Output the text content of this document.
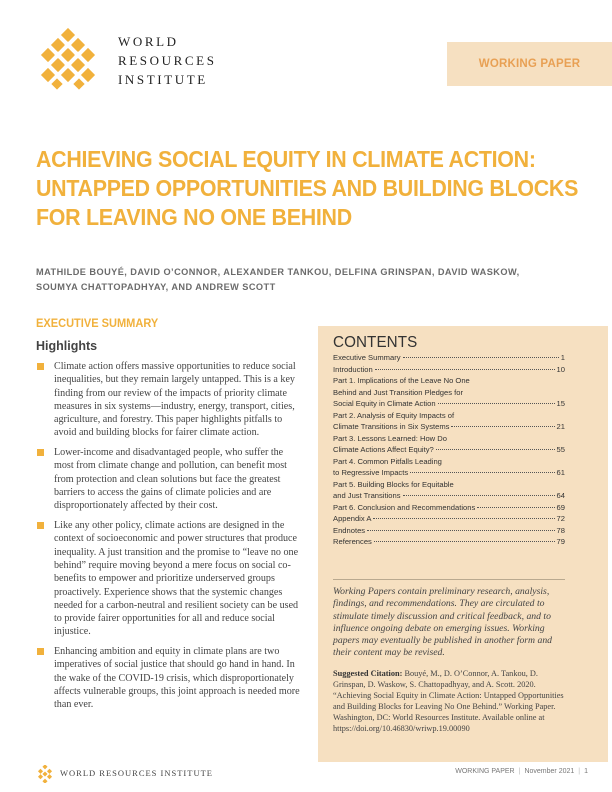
WORLD
RESOURCES
INSTITUTE
WORKING PAPER
ACHIEVING SOCIAL EQUITY IN CLIMATE ACTION:
UNTAPPED OPPORTUNITIES AND BUILDING BLOCKS
FOR LEAVING NO ONE BEHIND
MATHILDE BOUYÉ, DAVID O’CONNOR, ALEXANDER TANKOU, DELFINA GRINSPAN, DAVID WASKOW,
SOUMYA CHATTOPADHYAY, AND ANDREW SCOTT
EXECUTIVE SUMMARY
Highlights
Climate action offers massive opportunities to reduce social inequalities, but they remain largely untapped. This is a key finding from our review of the impacts of priority climate measures in six systems—industry, energy, transport, cities, agriculture, and forestry. This paper highlights pitfalls to avoid and building blocks for fairer climate action.
Lower-income and disadvantaged people, who suffer the most from climate change and pollution, can benefit most from protection and clean solutions but face the greatest barriers to access the gains of climate policies and are disproportionately affected by their cost.
Like any other policy, climate actions are designed in the context of socioeconomic and power structures that produce inequality. A just transition and the promise to “leave no one behind” require moving beyond a mere focus on social co-benefits to empower and prioritize underserved groups proactively. Experience shows that the systemic changes needed for a carbon-neutral and resilient society can be used to provide fairer opportunities for all and reduce social injustice.
Enhancing ambition and equity in climate plans are two imperatives of social justice that should go hand in hand. In the wake of the COVID-19 crisis, which disproportionately affects vulnerable groups, this joint approach is needed more than ever.
CONTENTS
Executive Summary	1
Introduction	10
Part 1. Implications of the Leave No One
Behind and Just Transition Pledges for
Social Equity in Climate Action	15
Part 2. Analysis of Equity Impacts of
Climate Transitions in Six Systems	21
Part 3. Lessons Learned: How Do
Climate Actions Affect Equity?	55
Part 4. Common Pitfalls Leading
to Regressive Impacts	61
Part 5. Building Blocks for Equitable
and Just Transitions	64
Part 6. Conclusion and Recommendations	69
Appendix A	72
Endnotes	78
References	79

Working Papers contain preliminary research, analysis, findings, and recommendations. They are circulated to stimulate timely discussion and critical feedback, and to influence ongoing debate on emerging issues. Working papers may eventually be published in another form and their content may be revised.

Suggested Citation: Bouyé, M., D. O’Connor, A. Tankou, D. Grinspan, D. Waskow, S. Chattopadhyay, and A. Scott. 2020. “Achieving Social Equity in Climate Action: Untapped Opportunities and Building Blocks for Leaving No One Behind.” Working Paper. Washington, DC: World Resources Institute. Available online at https://doi.org/10.46830/wriwp.19.00090

WORLD RESOURCES INSTITUTE	WORKING PAPER | November 2021 | 1
